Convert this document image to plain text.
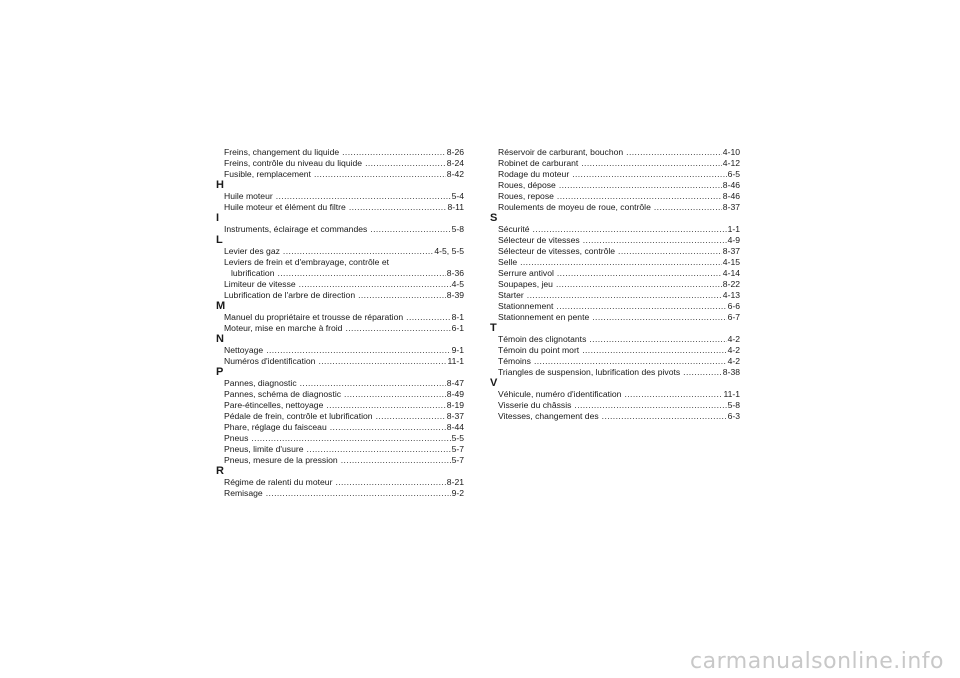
Freins, changement du liquide .....	8-26
Freins, contrôle du niveau du liquide .....	8-24
Fusible, remplacement .....	8-42
H
Huile moteur .....	5-4
Huile moteur et élément du filtre .....	8-11
I
Instruments, éclairage et commandes .....	5-8
L
Levier des gaz .....	4-5, 5-5
Leviers de frein et d'embrayage, contrôle et
lubrification .....	8-36
Limiteur de vitesse .....	4-5
Lubrification de l'arbre de direction .....	8-39
M
Manuel du propriétaire et trousse de réparation .....	8-1
Moteur, mise en marche à froid .....	6-1
N
Nettoyage .....	9-1
Numéros d'identification .....	11-1
P
Pannes, diagnostic .....	8-47
Pannes, schéma de diagnostic .....	8-49
Pare-étincelles, nettoyage .....	8-19
Pédale de frein, contrôle et lubrification .....	8-37
Phare, réglage du faisceau .....	8-44
Pneus .....	5-5
Pneus, limite d'usure .....	5-7
Pneus, mesure de la pression .....	5-7
R
Régime de ralenti du moteur .....	8-21
Remisage .....	9-2
Réservoir de carburant, bouchon .....	4-10
Robinet de carburant .....	4-12
Rodage du moteur .....	6-5
Roues, dépose .....	8-46
Roues, repose .....	8-46
Roulements de moyeu de roue, contrôle .....	8-37
S
Sécurité .....	1-1
Sélecteur de vitesses .....	4-9
Sélecteur de vitesses, contrôle .....	8-37
Selle .....	4-15
Serrure antivol .....	4-14
Soupapes, jeu .....	8-22
Starter .....	4-13
Stationnement .....	6-6
Stationnement en pente .....	6-7
T
Témoin des clignotants .....	4-2
Témoin du point mort .....	4-2
Témoins .....	4-2
Triangles de suspension, lubrification des pivots .....	8-38
V
Véhicule, numéro d'identification .....	11-1
Visserie du châssis .....	5-8
Vitesses, changement des .....	6-3
carmanualsonline.info
